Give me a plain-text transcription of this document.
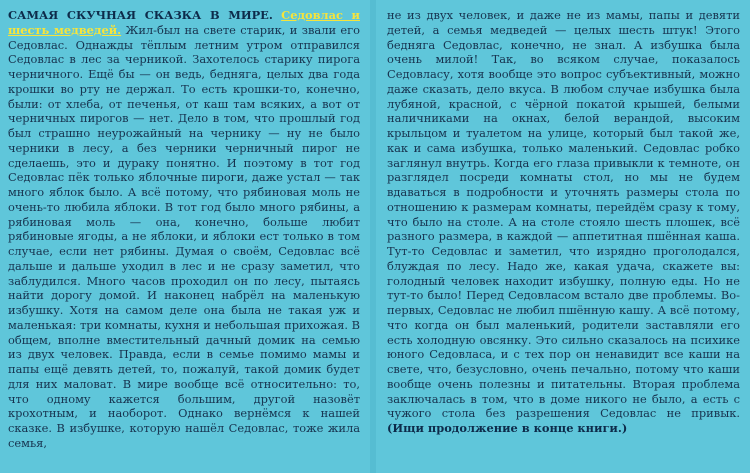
САМАЯ СКУЧНАЯ СКАЗКА В МИРЕ. Седовлас и шесть медведей. Жил-был на свете старик, и звали его Седовлас. Однажды тёплым летним утром отправился Седовлас в лес за черникой. Захотелось старику пирога черничного. Ещё бы — он ведь, бедняга, целых два года крошки во рту не держал. То есть крошки-то, конечно, были: от хлеба, от печенья, от каш там всяких, а вот от черничных пирогов — нет. Дело в том, что прошлый год был страшно неурожайный на чернику — ну не было черники в лесу, а без черники черничный пирог не сделаешь, это и дураку понятно. И поэтому в тот год Седовлас пёк только яблочные пироги, даже устал — так много яблок было. А всё потому, что рябиновая моль не очень-то любила яблоки. В тот год было много рябины, а рябиновая моль — она, конечно, больше любит рябиновые ягоды, а не яблоки, и яблоки ест только в том случае, если нет рябины. Думая о своём, Седовлас всё дальше и дальше уходил в лес и не сразу заметил, что заблудился. Много часов проходил он по лесу, пытаясь найти дорогу домой. И наконец набрёл на маленькую избушку. Хотя на самом деле она была не такая уж и маленькая: три комнаты, кухня и небольшая прихожая. В общем, вполне вместительный дачный домик на семью из двух человек. Правда, если в семье помимо мамы и папы ещё девять детей, то, пожалуй, такой домик будет для них маловат. В мире вообще всё относительно: то, что одному кажется большим, другой назовёт крохотным, и наоборот. Однако вернёмся к нашей сказке. В избушке, которую нашёл Седовлас, тоже жила семья,
не из двух человек, и даже не из мамы, папы и девяти детей, а семья медведей — целых шесть штук! Этого бедняга Седовлас, конечно, не знал. А избушка была очень милой! Так, во всяком случае, показалось Седовласу, хотя вообще это вопрос субъективный, можно даже сказать, дело вкуса. В любом случае избушка была лубяной, красной, с чёрной покатой крышей, белыми наличниками на окнах, белой верандой, высоким крыльцом и туалетом на улице, который был такой же, как и сама избушка, только маленький. Седовлас робко заглянул внутрь. Когда его глаза привыкли к темноте, он разглядел посреди комнаты стол, но мы не будем вдаваться в подробности и уточнять размеры стола по отношению к размерам комнаты, перейдём сразу к тому, что было на столе. А на столе стояло шесть плошек, всё разного размера, в каждой — аппетитная пшённая каша. Тут-то Седовлас и заметил, что изрядно проголодался, блуждая по лесу. Надо же, какая удача, скажете вы: голодный человек находит избушку, полную еды. Но не тут-то было! Перед Седовласом встало две проблемы. Во-первых, Седовлас не любил пшённую кашу. А всё потому, что когда он был маленький, родители заставляли его есть холодную овсянку. Это сильно сказалось на психике юного Седовласа, и с тех пор он ненавидит все каши на свете, что, безусловно, очень печально, потому что каши вообще очень полезны и питательны. Вторая проблема заключалась в том, что в доме никого не было, а есть с чужого стола без разрешения Седовлас не привык. (Ищи продолжение в конце книги.)
